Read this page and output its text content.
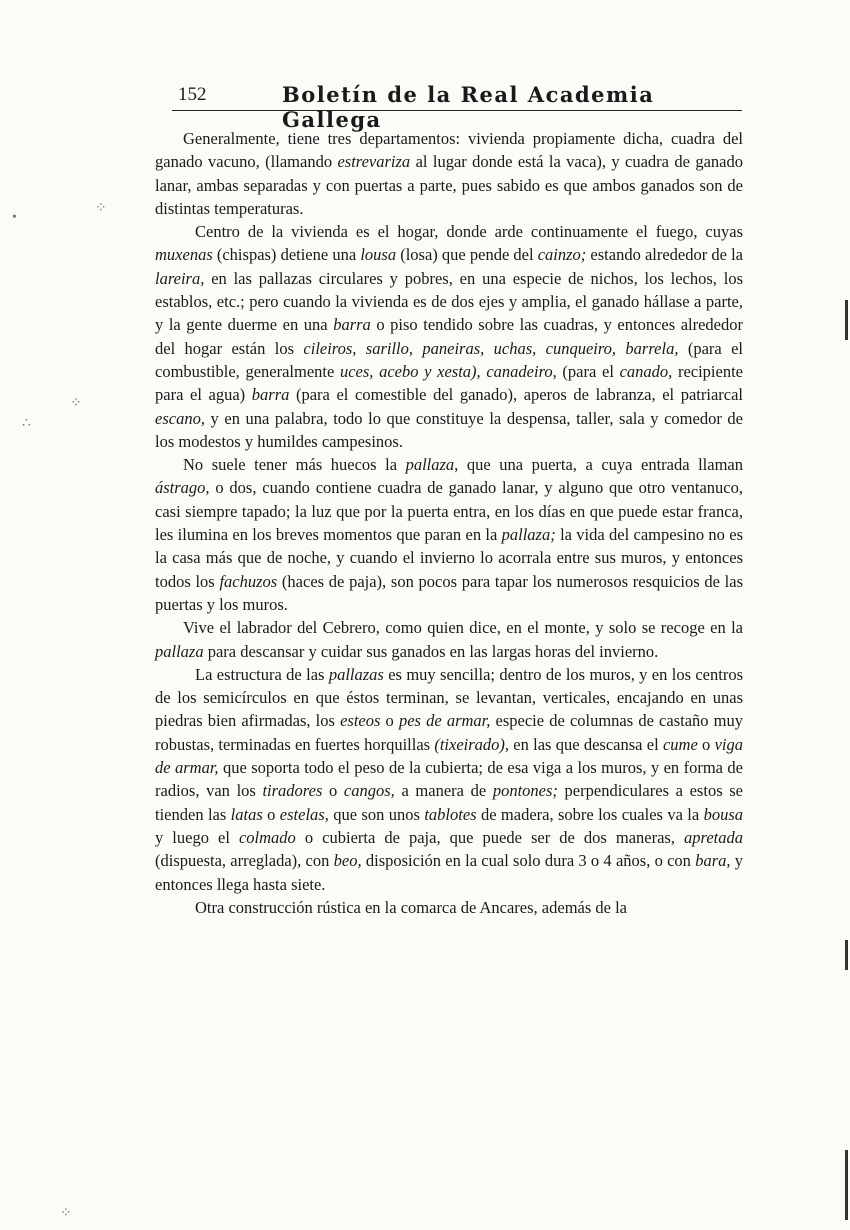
152	Boletín de la Real Academia Gallega

Generalmente, tiene tres departamentos: vivienda propiamente dicha, cuadra del ganado vacuno, (llamando estrevariza al lugar donde está la vaca), y cuadra de ganado lanar, ambas separadas y con puertas a parte, pues sabido es que ambos ganados son de distintas temperaturas.

Centro de la vivienda es el hogar, donde arde continuamente el fuego, cuyas muxenas (chispas) detiene una lousa (losa) que pende del cainzo; estando alrededor de la lareira, en las pallazas circulares y pobres, en una especie de nichos, los lechos, los establos, etc.; pero cuando la vivienda es de dos ejes y amplia, el ganado hállase a parte, y la gente duerme en una barra o piso tendido sobre las cuadras, y entonces alrededor del hogar están los cileiros, sarillo, paneiras, uchas, cunqueiro, barrela, (para el combustible, generalmente uces, acebo y xesta), canadeiro, (para el canado, recipiente para el agua) barra (para el comestible del ganado), aperos de labranza, el patriarcal escano, y en una palabra, todo lo que constituye la despensa, taller, sala y comedor de los modestos y humildes campesinos.

No suele tener más huecos la pallaza, que una puerta, a cuya entrada llaman ástrago, o dos, cuando contiene cuadra de ganado lanar, y alguno que otro ventanuco, casi siempre tapado; la luz que por la puerta entra, en los días en que puede estar franca, les ilumina en los breves momentos que paran en la pallaza; la vida del campesino no es la casa más que de noche, y cuando el invierno lo acorrala entre sus muros, y entonces todos los fachuzos (haces de paja), son pocos para tapar los numerosos resquicios de las puertas y los muros.

Vive el labrador del Cebrero, como quien dice, en el monte, y solo se recoge en la pallaza para descansar y cuidar sus ganados en las largas horas del invierno.

La estructura de las pallazas es muy sencilla; dentro de los muros, y en los centros de los semicírculos en que éstos terminan, se levantan, verticales, encajando en unas piedras bien afirmadas, los esteos o pes de armar, especie de columnas de castaño muy robustas, terminadas en fuertes horquillas (tixeirado), en las que descansa el cume o viga de armar, que soporta todo el peso de la cubierta; de esa viga a los muros, y en forma de radios, van los tiradores o cangos, a manera de pontones; perpendiculares a estos se tienden las latas o estelas, que son unos tablotes de madera, sobre los cuales va la bousa y luego el colmado o cubierta de paja, que puede ser de dos maneras, apretada (dispuesta, arreglada), con beo, disposición en la cual solo dura 3 o 4 años, o con bara, y entonces llega hasta siete.

Otra construcción rústica en la comarca de Ancares, además de la

⁘
⁘
∴
⁘
•
